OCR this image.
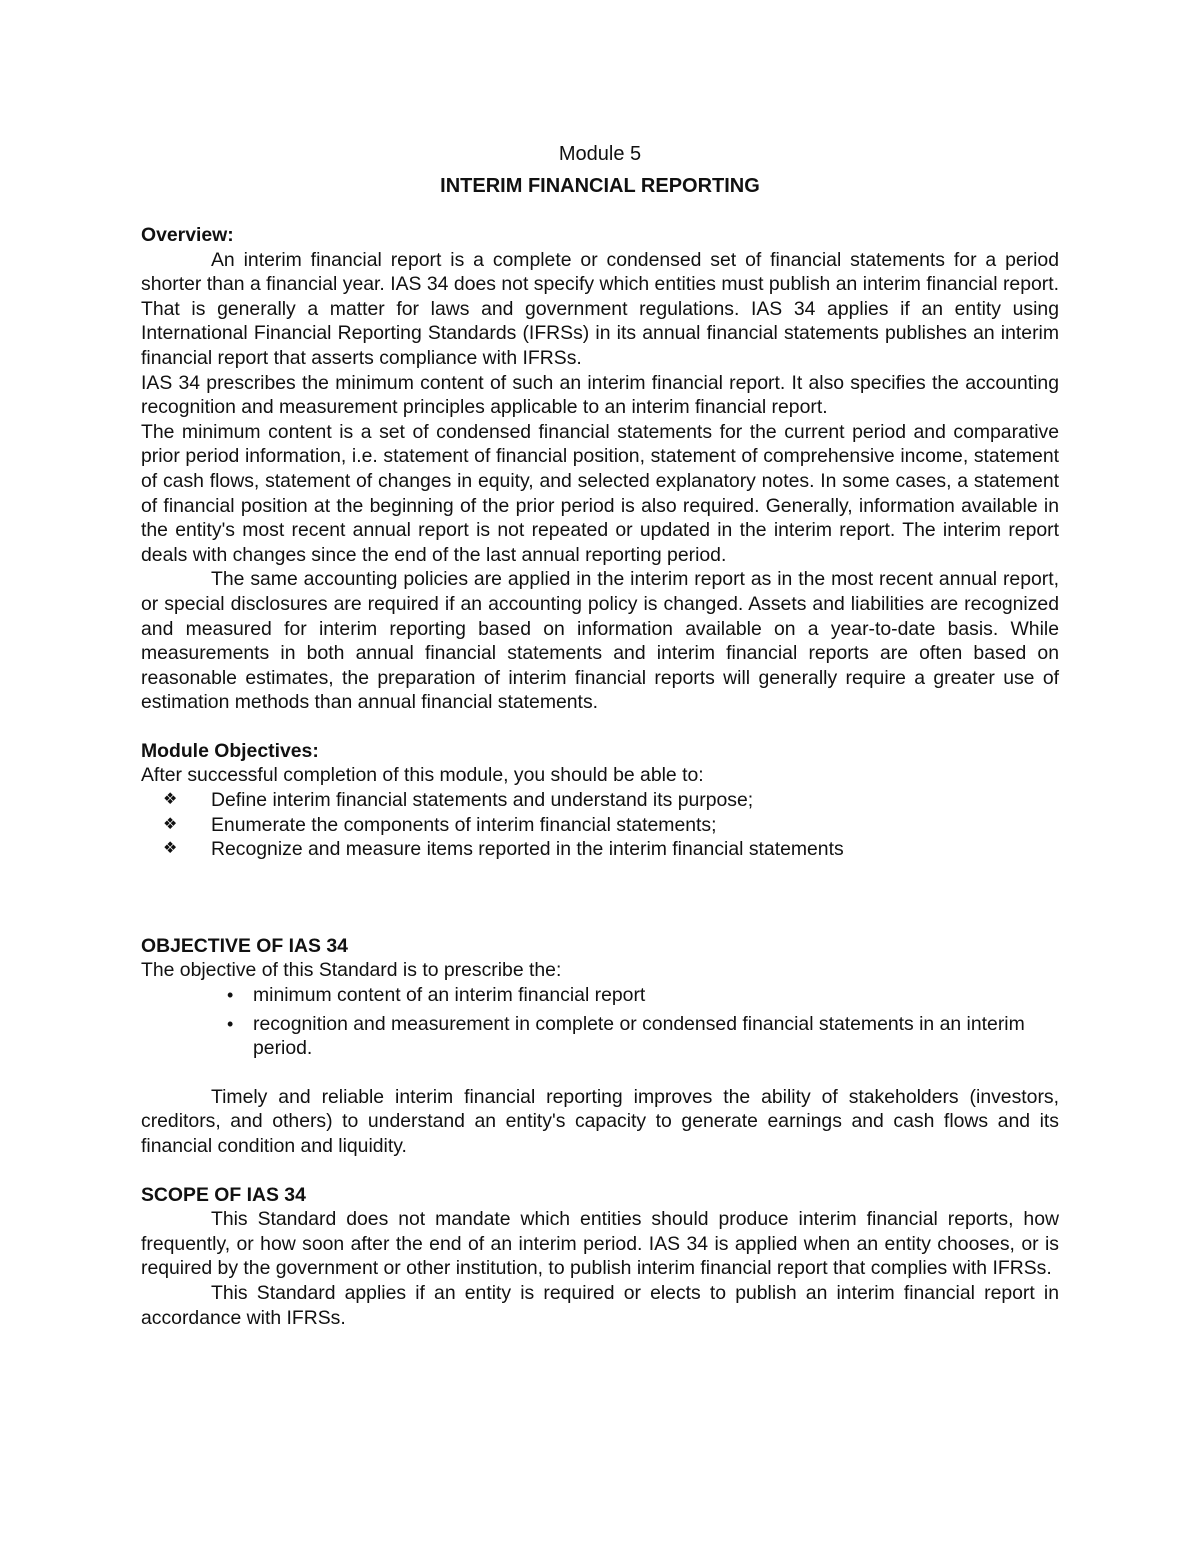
Module 5
INTERIM FINANCIAL REPORTING
Overview:

An interim financial report is a complete or condensed set of financial statements for a period shorter than a financial year. IAS 34 does not specify which entities must publish an interim financial report. That is generally a matter for laws and government regulations. IAS 34 applies if an entity using International Financial Reporting Standards (IFRSs) in its annual financial statements publishes an interim financial report that asserts compliance with IFRSs.

IAS 34 prescribes the minimum content of such an interim financial report. It also specifies the accounting recognition and measurement principles applicable to an interim financial report.

The minimum content is a set of condensed financial statements for the current period and comparative prior period information, i.e. statement of financial position, statement of comprehensive income, statement of cash flows, statement of changes in equity, and selected explanatory notes. In some cases, a statement of financial position at the beginning of the prior period is also required. Generally, information available in the entity's most recent annual report is not repeated or updated in the interim report. The interim report deals with changes since the end of the last annual reporting period.

The same accounting policies are applied in the interim report as in the most recent annual report, or special disclosures are required if an accounting policy is changed. Assets and liabilities are recognized and measured for interim reporting based on information available on a year-to-date basis. While measurements in both annual financial statements and interim financial reports are often based on reasonable estimates, the preparation of interim financial reports will generally require a greater use of estimation methods than annual financial statements.

Module Objectives:

After successful completion of this module, you should be able to:

❖ Define interim financial statements and understand its purpose;
❖ Enumerate the components of interim financial statements;
❖ Recognize and measure items reported in the interim financial statements
OBJECTIVE OF IAS 34

The objective of this Standard is to prescribe the:

• minimum content of an interim financial report
• recognition and measurement in complete or condensed financial statements in an interim period.

Timely and reliable interim financial reporting improves the ability of stakeholders (investors, creditors, and others) to understand an entity's capacity to generate earnings and cash flows and its financial condition and liquidity.

SCOPE OF IAS 34

This Standard does not mandate which entities should produce interim financial reports, how frequently, or how soon after the end of an interim period. IAS 34 is applied when an entity chooses, or is required by the government or other institution, to publish interim financial report that complies with IFRSs.

This Standard applies if an entity is required or elects to publish an interim financial report in accordance with IFRSs.
